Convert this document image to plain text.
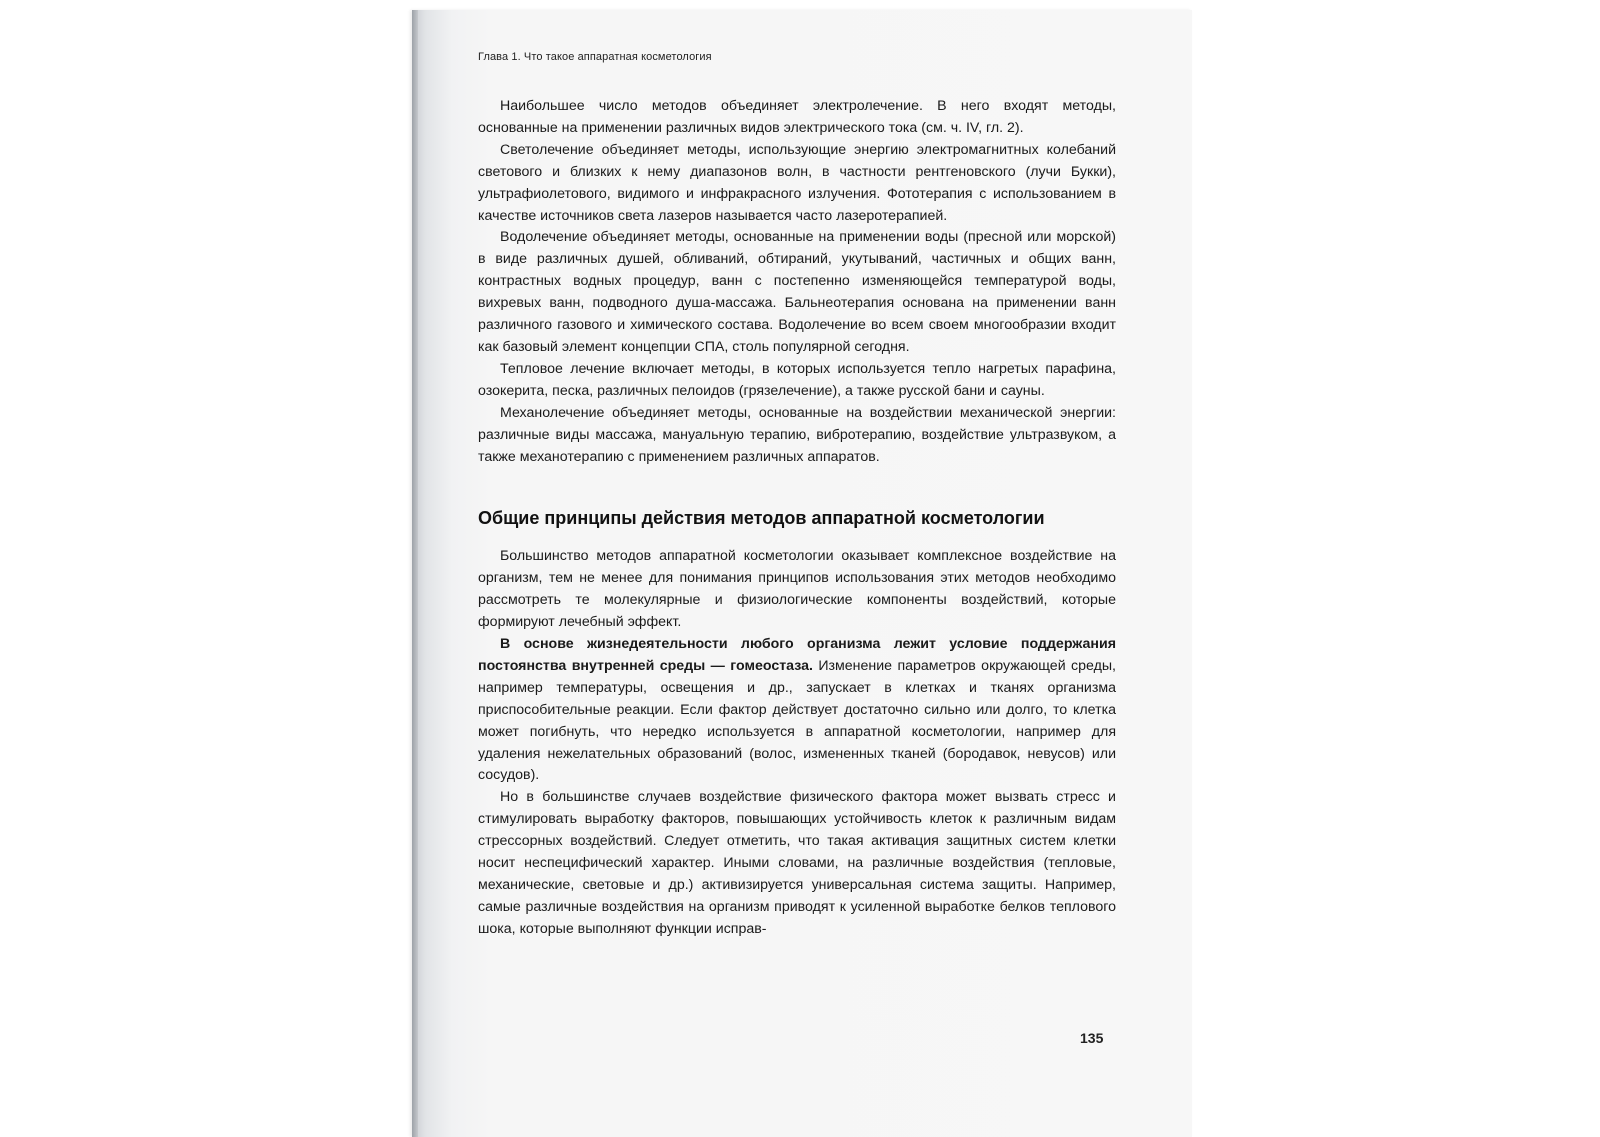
Глава 1. Что такое аппаратная косметология

Наибольшее число методов объединяет электролечение. В него входят методы, основанные на применении различных видов электрического тока (см. ч. IV, гл. 2).

Светолечение объединяет методы, использующие энергию электромагнитных колебаний светового и близких к нему диапазонов волн, в частности рентгеновского (лучи Букки), ультрафиолетового, видимого и инфракрасного излучения. Фототерапия с использованием в качестве источников света лазеров называется часто лазеротерапией.

Водолечение объединяет методы, основанные на применении воды (пресной или морской) в виде различных душей, обливаний, обтираний, укутываний, частичных и общих ванн, контрастных водных процедур, ванн с постепенно изменяющейся температурой воды, вихревых ванн, подводного душа-массажа. Бальнеотерапия основана на применении ванн различного газового и химического состава. Водолечение во всем своем многообразии входит как базовый элемент концепции СПА, столь популярной сегодня.

Тепловое лечение включает методы, в которых используется тепло нагретых парафина, озокерита, песка, различных пелоидов (грязелечение), а также русской бани и сауны.

Механолечение объединяет методы, основанные на воздействии механической энергии: различные виды массажа, мануальную терапию, вибротерапию, воздействие ультразвуком, а также механотерапию с применением различных аппаратов.

Общие принципы действия методов аппаратной косметологии

Большинство методов аппаратной косметологии оказывает комплексное воздействие на организм, тем не менее для понимания принципов использования этих методов необходимо рассмотреть те молекулярные и физиологические компоненты воздействий, которые формируют лечебный эффект.

В основе жизнедеятельности любого организма лежит условие поддержания постоянства внутренней среды — гомеостаза. Изменение параметров окружающей среды, например температуры, освещения и др., запускает в клетках и тканях организма приспособительные реакции. Если фактор действует достаточно сильно или долго, то клетка может погибнуть, что нередко используется в аппаратной косметологии, например для удаления нежелательных образований (волос, измененных тканей (бородавок, невусов) или сосудов).

Но в большинстве случаев воздействие физического фактора может вызвать стресс и стимулировать выработку факторов, повышающих устойчивость клеток к различным видам стрессорных воздействий. Следует отметить, что такая активация защитных систем клетки носит неспецифический характер. Иными словами, на различные воздействия (тепловые, механические, световые и др.) активизируется универсальная система защиты. Например, самые различные воздействия на организм приводят к усиленной выработке белков теплового шока, которые выполняют функции исправ-

135
